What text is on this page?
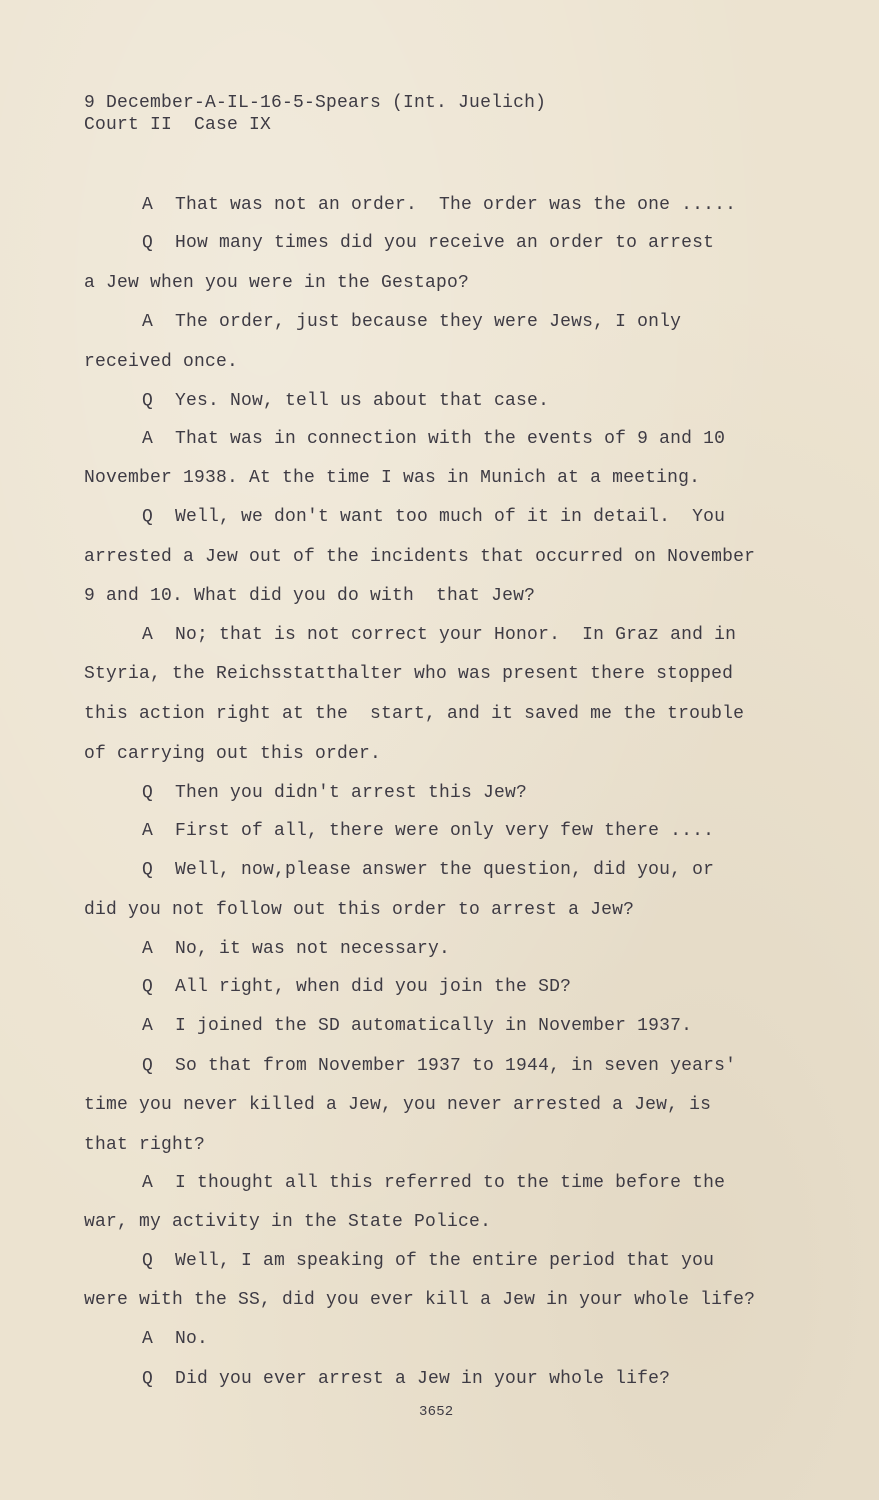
9 December-A-IL-16-5-Spears (Int. Juelich)
Court II  Case IX
A  That was not an order.  The order was the one .....
Q  How many times did you receive an order to arrest
a Jew when you were in the Gestapo?
A  The order, just because they were Jews, I only
received once.
Q  Yes. Now, tell us about that case.
A  That was in connection with the events of 9 and 10
November 1938. At the time I was in Munich at a meeting.
Q  Well, we don't want too much of it in detail.  You
arrested a Jew out of the incidents that occurred on November
9 and 10. What did you do with  that Jew?
A  No; that is not correct your Honor.  In Graz and in
Styria, the Reichsstatthalter who was present there stopped
this action right at the  start, and it saved me the trouble
of carrying out this order.
Q  Then you didn't arrest this Jew?
A  First of all, there were only very few there ....
Q  Well, now,please answer the question, did you, or
did you not follow out this order to arrest a Jew?
A  No, it was not necessary.
Q  All right, when did you join the SD?
A  I joined the SD automatically in November 1937.
Q  So that from November 1937 to 1944, in seven years'
time you never killed a Jew, you never arrested a Jew, is
that right?
A  I thought all this referred to the time before the
war, my activity in the State Police.
Q  Well, I am speaking of the entire period that you
were with the SS, did you ever kill a Jew in your whole life?
A  No.
Q  Did you ever arrest a Jew in your whole life?
3652
